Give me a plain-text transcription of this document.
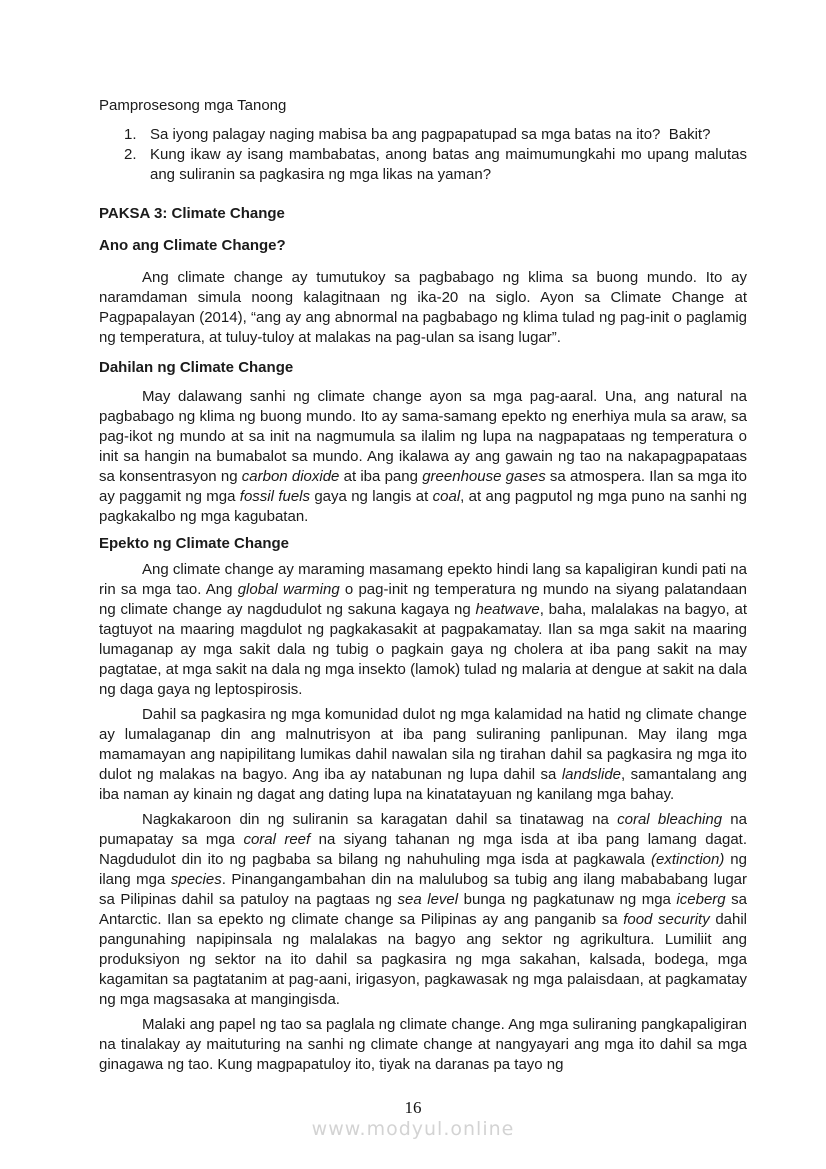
Pamprosesong mga Tanong
1. Sa iyong palagay naging mabisa ba ang pagpapatupad sa mga batas na ito?  Bakit?
2. Kung ikaw ay isang mambabatas, anong batas ang maimumungkahi mo upang malutas ang suliranin sa pagkasira ng mga likas na yaman?
PAKSA 3: Climate Change
Ano ang Climate Change?

Ang climate change ay tumutukoy sa pagbabago ng klima sa buong mundo. Ito ay naramdaman simula noong kalagitnaan ng ika-20 na siglo. Ayon sa Climate Change at Pagpapalayan (2014), “ang ay ang abnormal na pagbabago ng klima tulad ng pag-init o paglamig ng temperatura, at tuluy-tuloy at malakas na pag-ulan sa isang lugar”.

Dahilan ng Climate Change

May dalawang sanhi ng climate change ayon sa mga pag-aaral. Una, ang natural na pagbabago ng klima ng buong mundo. Ito ay sama-samang epekto ng enerhiya mula sa araw, sa pag-ikot ng mundo at sa init na nagmumula sa ilalim ng lupa na nagpapataas ng temperatura o init sa hangin na bumabalot sa mundo. Ang ikalawa ay ang gawain ng tao na nakapagpapataas sa konsentrasyon ng carbon dioxide at iba pang greenhouse gases sa atmospera. Ilan sa mga ito ay paggamit ng mga fossil fuels gaya ng langis at coal, at ang pagputol ng mga puno na sanhi ng pagkakalbo ng mga kagubatan.

Epekto ng Climate Change

Ang climate change ay maraming masamang epekto hindi lang sa kapaligiran kundi pati na rin sa mga tao. Ang global warming o pag-init ng temperatura ng mundo na siyang palatandaan ng climate change ay nagdudulot ng sakuna kagaya ng heatwave, baha, malalakas na bagyo, at tagtuyot na maaring magdulot ng pagkakasakit at pagpakamatay. Ilan sa mga sakit na maaring lumaganap ay mga sakit dala ng tubig o pagkain gaya ng cholera at iba pang sakit na may pagtatae, at mga sakit na dala ng mga insekto (lamok) tulad ng malaria at dengue at sakit na dala ng daga gaya ng leptospirosis.

Dahil sa pagkasira ng mga komunidad dulot ng mga kalamidad na hatid ng climate change ay lumalaganap din ang malnutrisyon at iba pang suliraning panlipunan. May ilang mga mamamayan ang napipilitang lumikas dahil nawalan sila ng tirahan dahil sa pagkasira ng mga ito dulot ng malakas na bagyo. Ang iba ay natabunan ng lupa dahil sa landslide, samantalang ang iba naman ay kinain ng dagat ang dating lupa na kinatatayuan ng kanilang mga bahay.

Nagkakaroon din ng suliranin sa karagatan dahil sa tinatawag na coral bleaching na pumapatay sa mga coral reef na siyang tahanan ng mga isda at iba pang lamang dagat. Nagdudulot din ito ng pagbaba sa bilang ng nahuhuling mga isda at pagkawala (extinction) ng ilang mga species. Pinangangambahan din na malulubog sa tubig ang ilang mabababang lugar sa Pilipinas dahil sa patuloy na pagtaas ng sea level bunga ng pagkatunaw ng mga iceberg sa Antarctic. Ilan sa epekto ng climate change sa Pilipinas ay ang panganib sa food security dahil pangunahing napipinsala ng malalakas na bagyo ang sektor ng agrikultura. Lumiliit ang produksiyon ng sektor na ito dahil sa pagkasira ng mga sakahan, kalsada, bodega, mga kagamitan sa pagtatanim at pag-aani, irigasyon, pagkawasak ng mga palaisdaan, at pagkamatay ng mga magsasaka at mangingisda.

Malaki ang papel ng tao sa paglala ng climate change. Ang mga suliraning pangkapaligiran na tinalakay ay maituturing na sanhi ng climate change at nangyayari ang mga ito dahil sa mga ginagawa ng tao. Kung magpapatuloy ito, tiyak na daranas pa tayo ng

16
www.modyul.online
